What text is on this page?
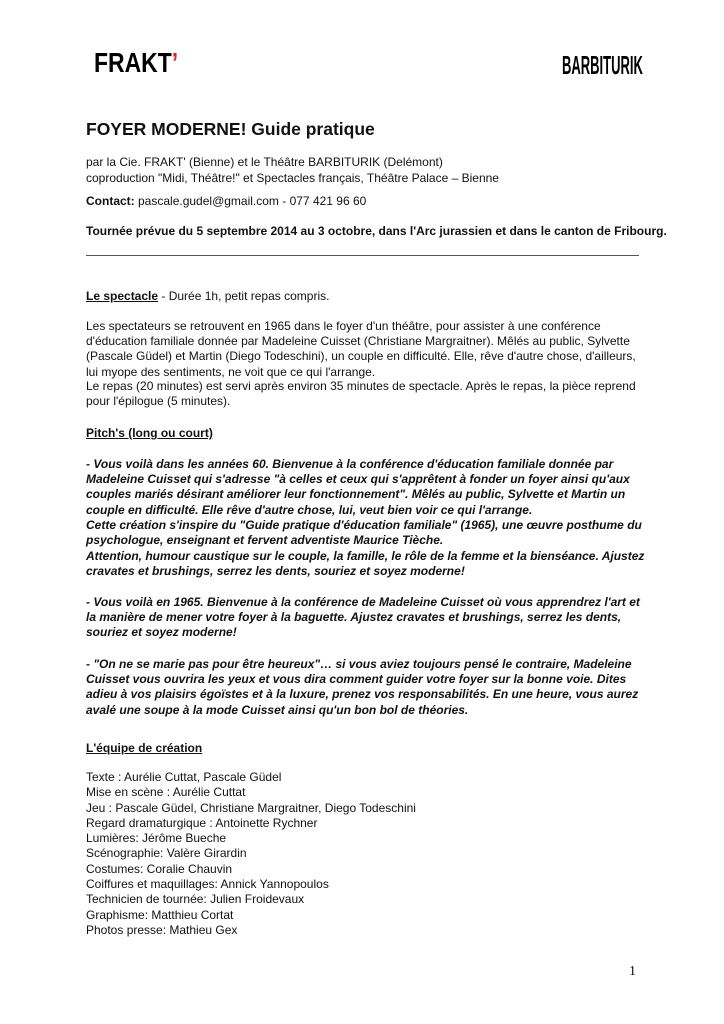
FRAKT’	BARBITURIK
FOYER MODERNE! Guide pratique
par la Cie. FRAKT' (Bienne) et le Théâtre BARBITURIK (Delémont)
coproduction "Midi, Théâtre!" et Spectacles français, Théâtre Palace – Bienne
Contact: pascale.gudel@gmail.com - 077 421 96 60
Tournée prévue du 5 septembre 2014 au 3 octobre, dans l'Arc jurassien et dans le canton de Fribourg.

Le spectacle - Durée 1h, petit repas compris.

Les spectateurs se retrouvent en 1965 dans le foyer d'un théâtre, pour assister à une conférence d'éducation familiale donnée par Madeleine Cuisset (Christiane Margraitner). Mêlés au public, Sylvette (Pascale Güdel) et Martin (Diego Todeschini), un couple en difficulté. Elle, rêve d'autre chose, d'ailleurs, lui myope des sentiments, ne voit que ce qui l'arrange.

Le repas (20 minutes) est servi après environ 35 minutes de spectacle. Après le repas, la pièce reprend pour l'épilogue (5 minutes).

Pitch's (long ou court)

- Vous voilà dans les années 60. Bienvenue à la conférence d'éducation familiale donnée par Madeleine Cuisset qui s'adresse "à celles et ceux qui s'apprêtent à fonder un foyer ainsi qu'aux couples mariés désirant améliorer leur fonctionnement". Mêlés au public, Sylvette et Martin un couple en difficulté. Elle rêve d'autre chose, lui, veut bien voir ce qui l'arrange.

Cette création s'inspire du "Guide pratique d'éducation familiale" (1965), une œuvre posthume du psychologue, enseignant et fervent adventiste Maurice Tièche.

Attention, humour caustique sur le couple, la famille, le rôle de la femme et la bienséance. Ajustez cravates et brushings, serrez les dents, souriez et soyez moderne!

- Vous voilà en 1965. Bienvenue à la conférence de Madeleine Cuisset où vous apprendrez l'art et la manière de mener votre foyer à la baguette. Ajustez cravates et brushings, serrez les dents, souriez et soyez moderne!

- "On ne se marie pas pour être heureux"… si vous aviez toujours pensé le contraire, Madeleine Cuisset vous ouvrira les yeux et vous dira comment guider votre foyer sur la bonne voie. Dites adieu à vos plaisirs égoïstes et à la luxure, prenez vos responsabilités. En une heure, vous aurez avalé une soupe à la mode Cuisset ainsi qu'un bon bol de théories.

L'équipe de création

Texte : Aurélie Cuttat, Pascale Güdel
Mise en scène : Aurélie Cuttat
Jeu : Pascale Güdel, Christiane Margraitner, Diego Todeschini
Regard dramaturgique : Antoinette Rychner
Lumières: Jérôme Bueche
Scénographie: Valère Girardin
Costumes: Coralie Chauvin
Coiffures et maquillages: Annick Yannopoulos
Technicien de tournée: Julien Froidevaux
Graphisme: Matthieu Cortat
Photos presse: Mathieu Gex
1
